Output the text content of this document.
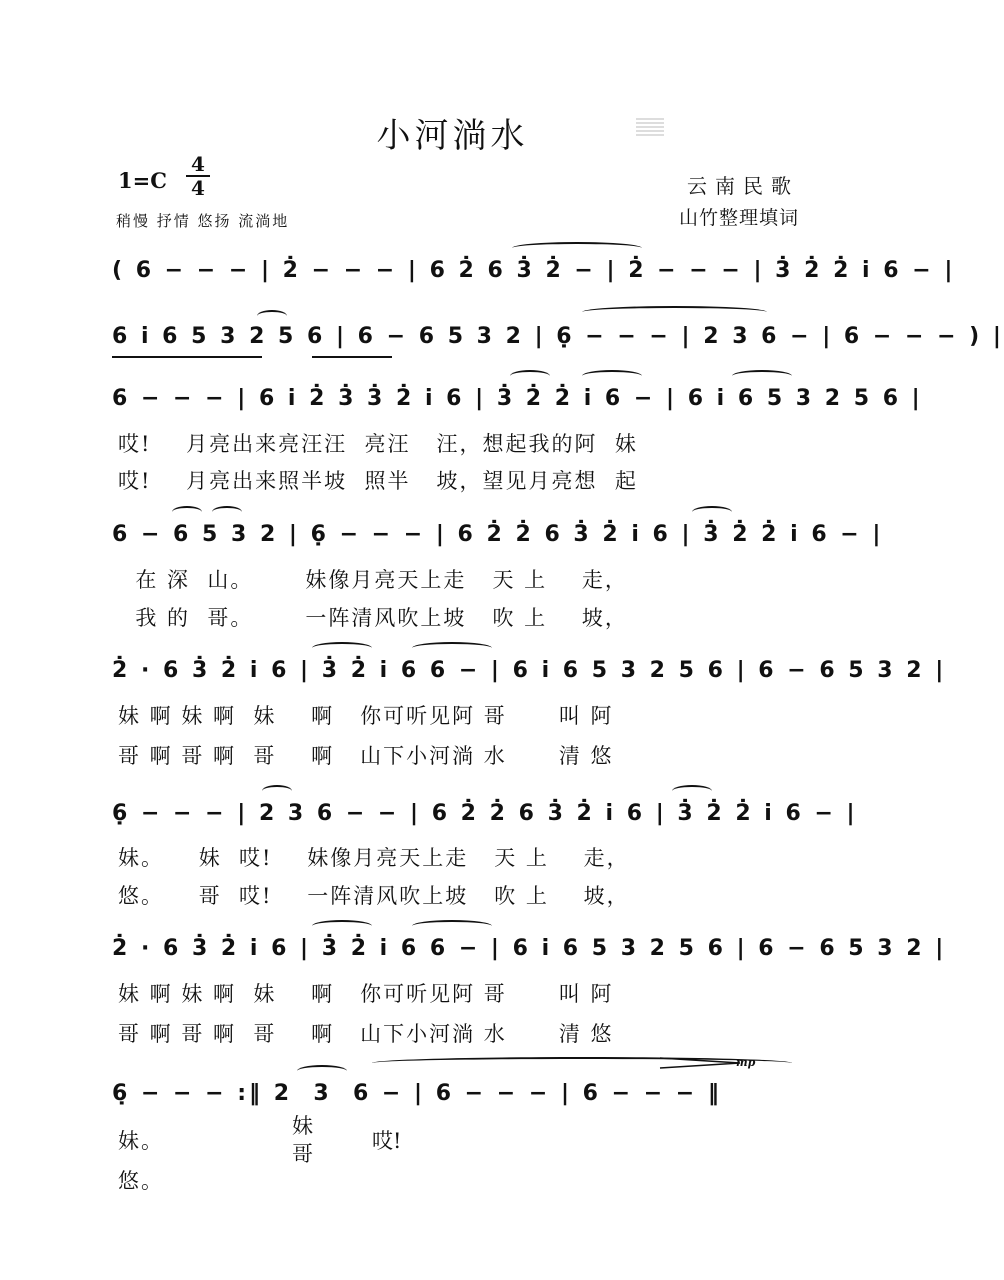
小河淌水
1=C
4
4
稍慢 抒情 悠扬 流淌地
云南民歌
山竹整理填词

( 6 − − − | 2̇ − − − | 6 2̇ 6 3̇ 2̇ − | 2̇ − − − | 3̇ 2̇ 2̇ i 6 − |

6 i 6 5 3 2 5 6 | 6 − 6 5 3 2 | 6̣ − − − | 2 3 6 − | 6 − − − ) |

6 − − − | 6 i 2̇ 3̇ 3̇ 2̇ i 6 | 3̇ 2̇ 2̇ i 6 − | 6 i 6 5 3 2 5 6 |

哎!    月亮出来亮汪汪  亮汪   汪，想起我的阿  妹
哎!    月亮出来照半坡  照半   坡，望见月亮想  起

6 − 6 5 3 2 | 6̣ − − − | 6 2̇ 2̇ 6 3̇ 2̇ i 6 | 3̇ 2̇ 2̇ i 6 − |

在 深  山。      妹像月亮天上走   天 上    走，
我 的  哥。      一阵清风吹上坡   吹 上    坡，

2̇ · 6 3̇ 2̇ i 6 | 3̇ 2̇ i 6 6 − | 6 i 6 5 3 2 5 6 | 6 − 6 5 3 2 |

妹 啊 妹 啊  妹    啊   你可听见阿 哥      叫 阿
哥 啊 哥 啊  哥    啊   山下小河淌 水      清 悠

6̣ − − − | 2 3 6 − − | 6 2̇ 2̇ 6 3̇ 2̇ i 6 | 3̇ 2̇ 2̇ i 6 − |

妹。    妹  哎!    妹像月亮天上走   天 上    走，
悠。    哥  哎!    一阵清风吹上坡   吹 上    坡，

2̇ · 6 3̇ 2̇ i 6 | 3̇ 2̇ i 6 6 − | 6 i 6 5 3 2 5 6 | 6 − 6 5 3 2 |

妹 啊 妹 啊  妹    啊   你可听见阿 哥      叫 阿
哥 啊 哥 啊  哥    啊   山下小河淌 水      清 悠

6̣ − − − :‖ 2  3  6 − | 6 − − − | 6 − − − ‖

mp
妹。
悠。
妹
哥
哎!
